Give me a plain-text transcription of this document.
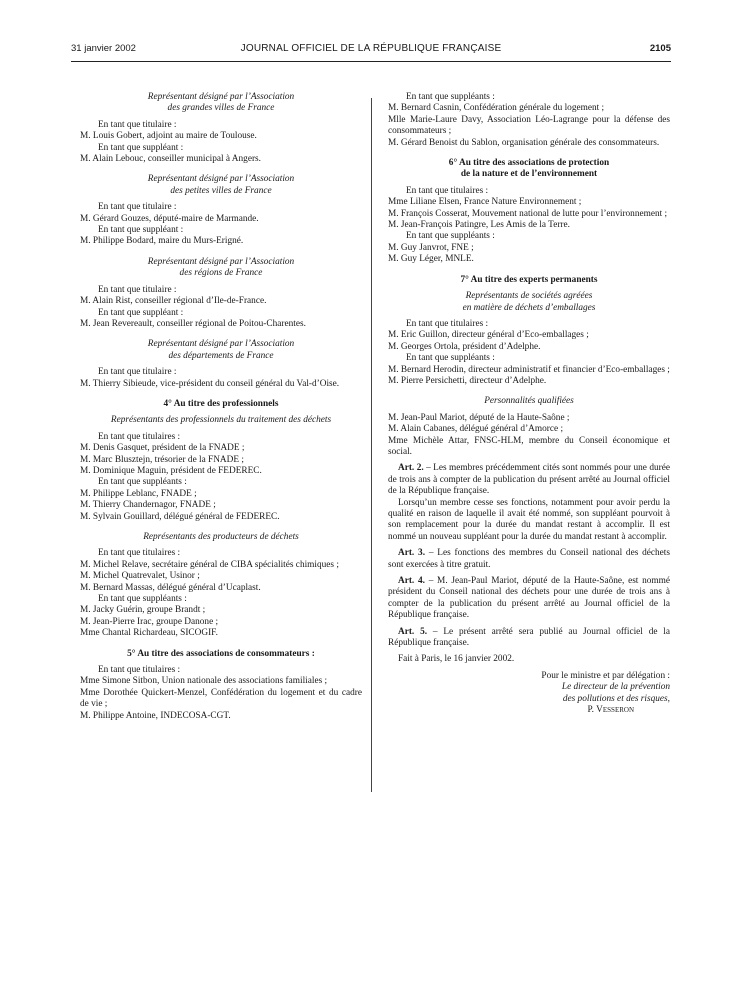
31 janvier 2002	JOURNAL OFFICIEL DE LA RÉPUBLIQUE FRANÇAISE	2105

Représentant désigné par l’Association

des grandes villes de France

En tant que titulaire :

M. Louis Gobert, adjoint au maire de Toulouse.

En tant que suppléant :

M. Alain Lebouc, conseiller municipal à Angers.

Représentant désigné par l’Association

des petites villes de France

En tant que titulaire :

M. Gérard Gouzes, député-maire de Marmande.

En tant que suppléant :

M. Philippe Bodard, maire du Murs-Erigné.

Représentant désigné par l’Association

des régions de France

En tant que titulaire :

M. Alain Rist, conseiller régional d’Ile-de-France.

En tant que suppléant :

M. Jean Revereault, conseiller régional de Poitou-Charentes.

Représentant désigné par l’Association

des départements de France

En tant que titulaire :

M. Thierry Sibieude, vice-président du conseil général du Val-d’Oise.

4° Au titre des professionnels

Représentants des professionnels du traitement des déchets

En tant que titulaires :

M. Denis Gasquet, président de la FNADE ;

M. Marc Blusztejn, trésorier de la FNADE ;

M. Dominique Maguin, président de FEDEREC.

En tant que suppléants :

M. Philippe Leblanc, FNADE ;

M. Thierry Chandernagor, FNADE ;

M. Sylvain Gouillard, délégué général de FEDEREC.

Représentants des producteurs de déchets

En tant que titulaires :

M. Michel Relave, secrétaire général de CIBA spécialités chimiques ;

M. Michel Quatrevalet, Usinor ;

M. Bernard Massas, délégué général d’Ucaplast.

En tant que suppléants :

M. Jacky Guérin, groupe Brandt ;

M. Jean-Pierre Irac, groupe Danone ;

Mme Chantal Richardeau, SICOGIF.

5° Au titre des associations de consommateurs :

En tant que titulaires :

Mme Simone Sitbon, Union nationale des associations familiales ;

Mme Dorothée Quickert-Menzel, Confédération du logement et du cadre de vie ;

M. Philippe Antoine, INDECOSA-CGT.

En tant que suppléants :

M. Bernard Casnin, Confédération générale du logement ;

Mlle Marie-Laure Davy, Association Léo-Lagrange pour la défense des consommateurs ;

M. Gérard Benoist du Sablon, organisation générale des consommateurs.

6° Au titre des associations de protection

de la nature et de l’environnement

En tant que titulaires :

Mme Liliane Elsen, France Nature Environnement ;

M. François Cosserat, Mouvement national de lutte pour l’environnement ;

M. Jean-François Patingre, Les Amis de la Terre.

En tant que suppléants :

M. Guy Janvrot, FNE ;

M. Guy Léger, MNLE.

7° Au titre des experts permanents

Représentants de sociétés agréées

en matière de déchets d’emballages

En tant que titulaires :

M. Eric Guillon, directeur général d’Eco-emballages ;

M. Georges Ortola, président d’Adelphe.

En tant que suppléants :

M. Bernard Herodin, directeur administratif et financier d’Eco-emballages ;

M. Pierre Persichetti, directeur d’Adelphe.

Personnalités qualifiées

M. Jean-Paul Mariot, député de la Haute-Saône ;

M. Alain Cabanes, délégué général d’Amorce ;

Mme Michèle Attar, FNSC-HLM, membre du Conseil économique et social.

Art. 2. – Les membres précédemment cités sont nommés pour une durée de trois ans à compter de la publication du présent arrêté au Journal officiel de la République française.

Lorsqu’un membre cesse ses fonctions, notamment pour avoir perdu la qualité en raison de laquelle il avait été nommé, son suppléant pourvoit à son remplacement pour la durée du mandat restant à accomplir. Il est nommé un nouveau suppléant pour la durée du mandat restant à accomplir.

Art. 3. – Les fonctions des membres du Conseil national des déchets sont exercées à titre gratuit.

Art. 4. – M. Jean-Paul Mariot, député de la Haute-Saône, est nommé président du Conseil national des déchets pour une durée de trois ans à compter de la publication du présent arrêté au Journal officiel de la République française.

Art. 5. – Le présent arrêté sera publié au Journal officiel de la République française.

Fait à Paris, le 16 janvier 2002.

Pour le ministre et par délégation :

Le directeur de la prévention

des pollutions et des risques,

P. Vesseron
